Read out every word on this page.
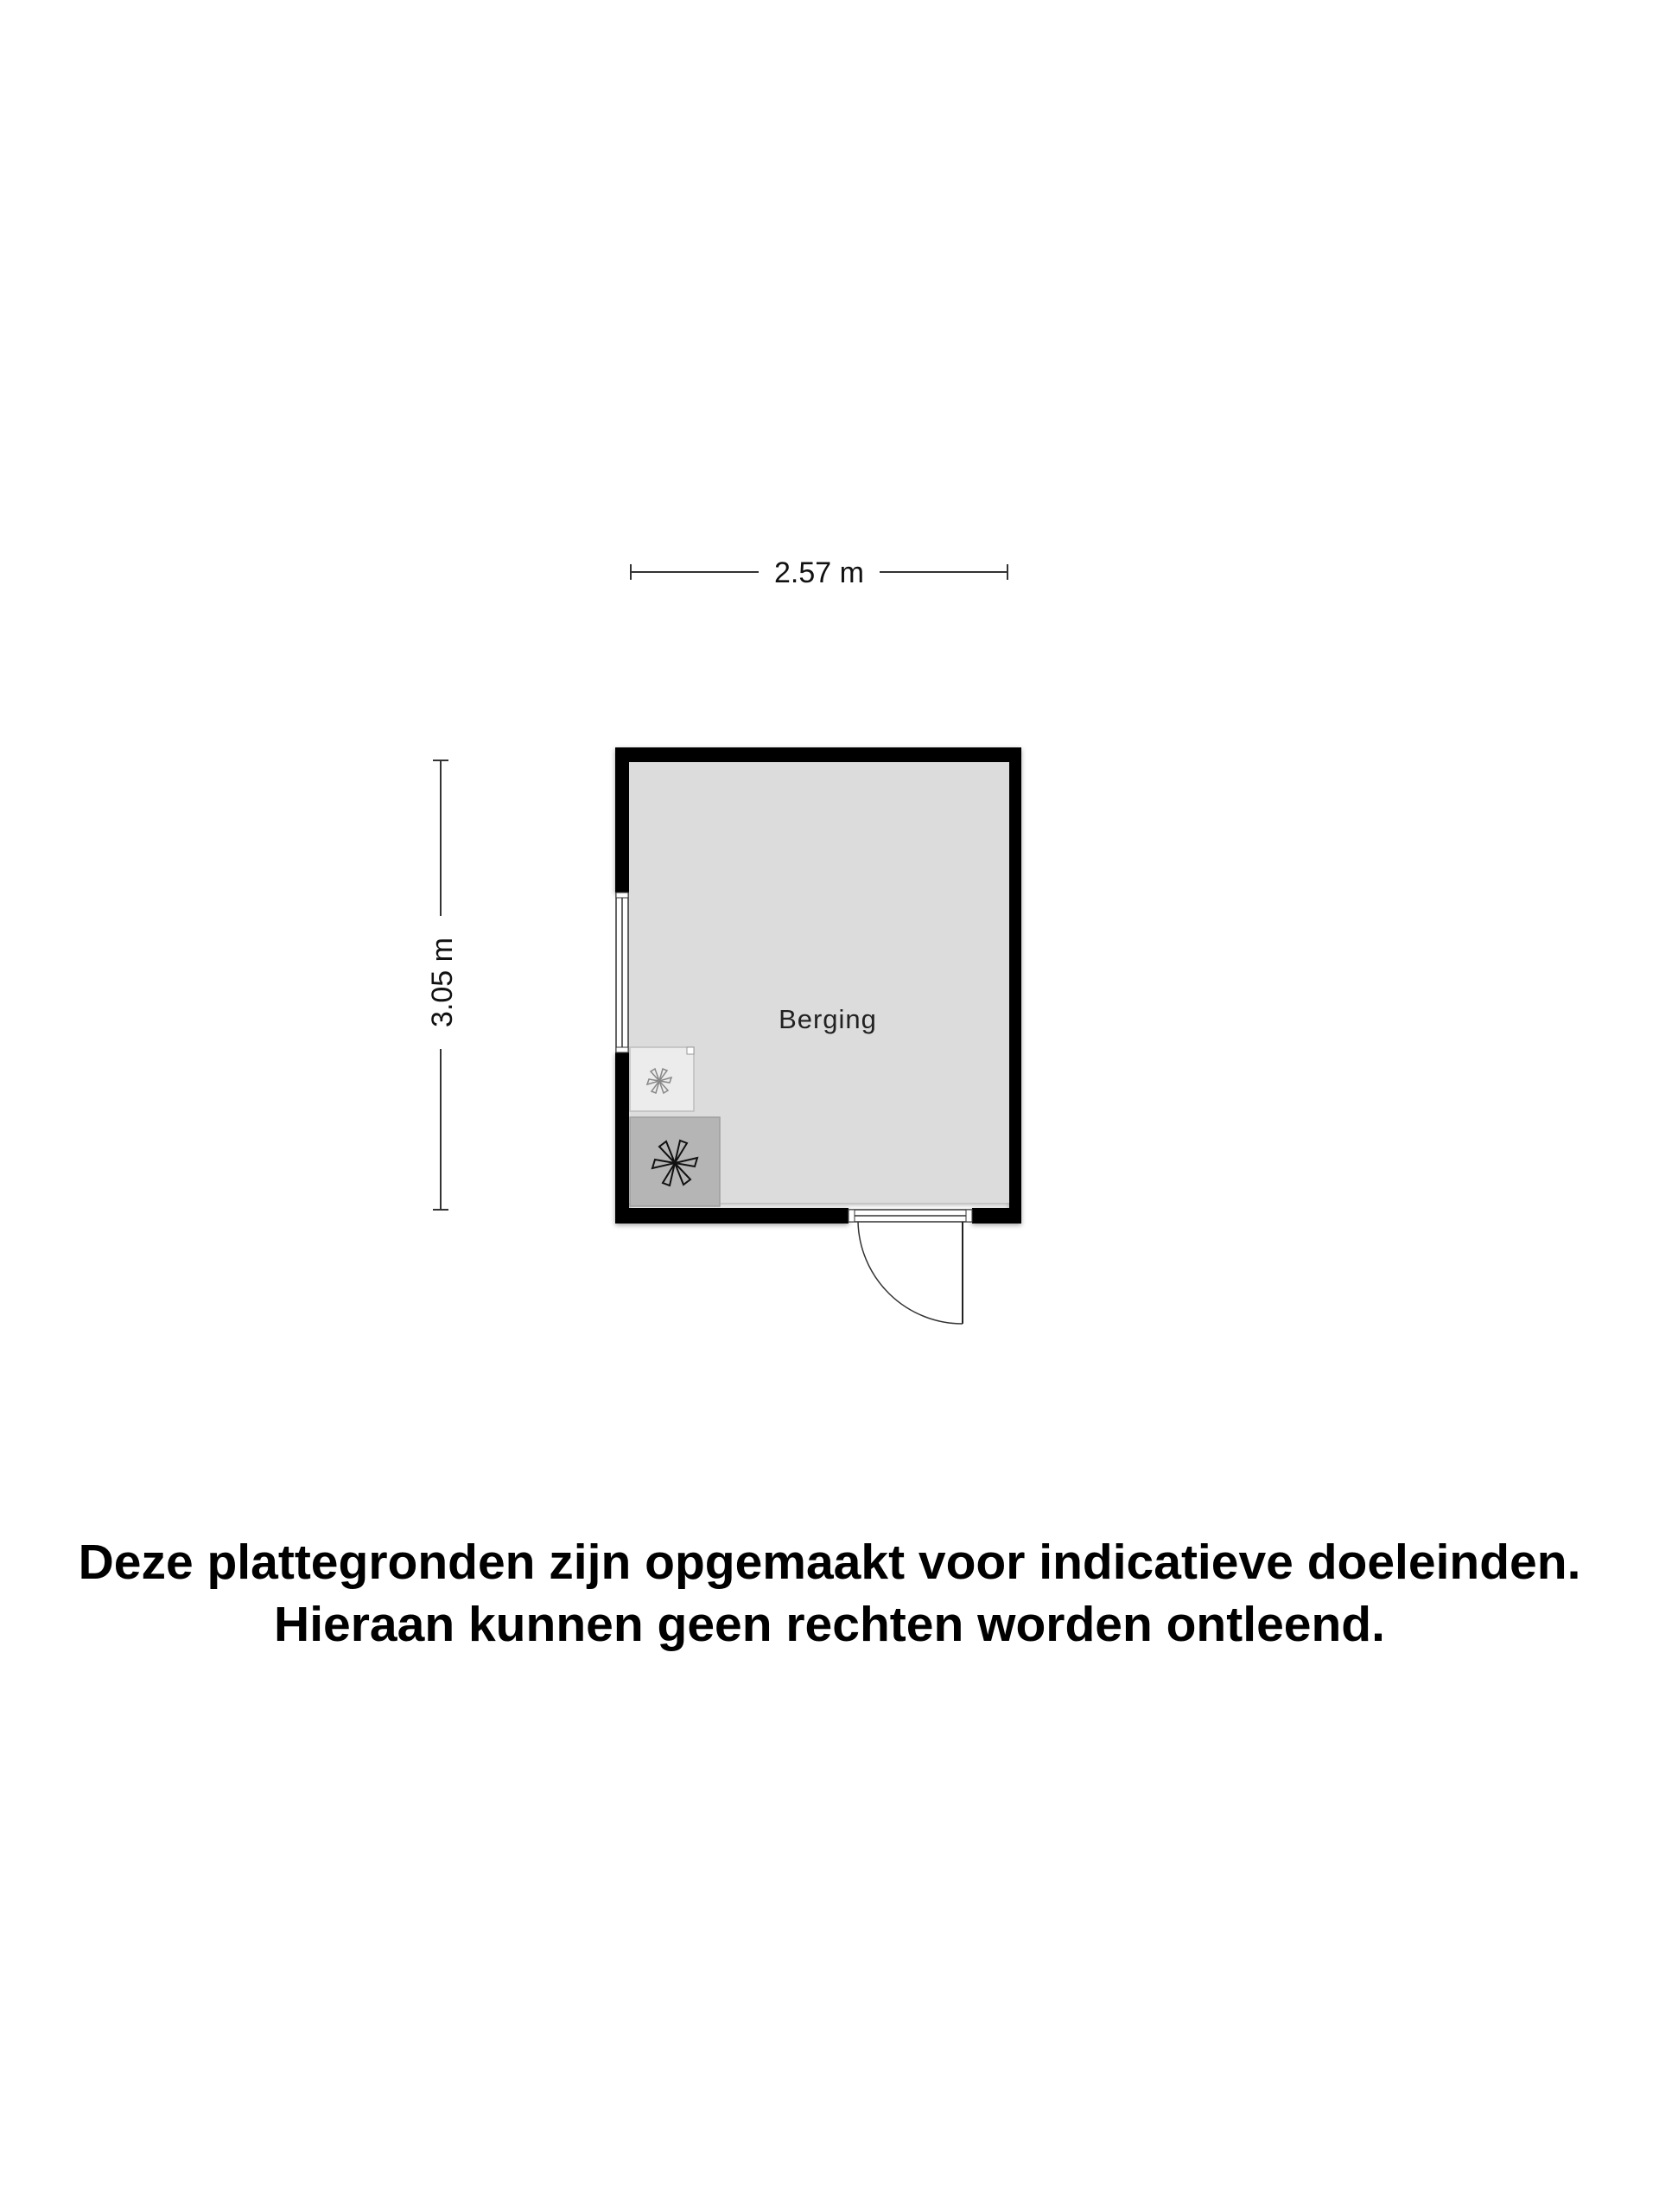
2.57 m
3.05 m	Berging
Deze plattegronden zijn opgemaakt voor indicatieve doeleinden.
Hieraan kunnen geen rechten worden ontleend.
